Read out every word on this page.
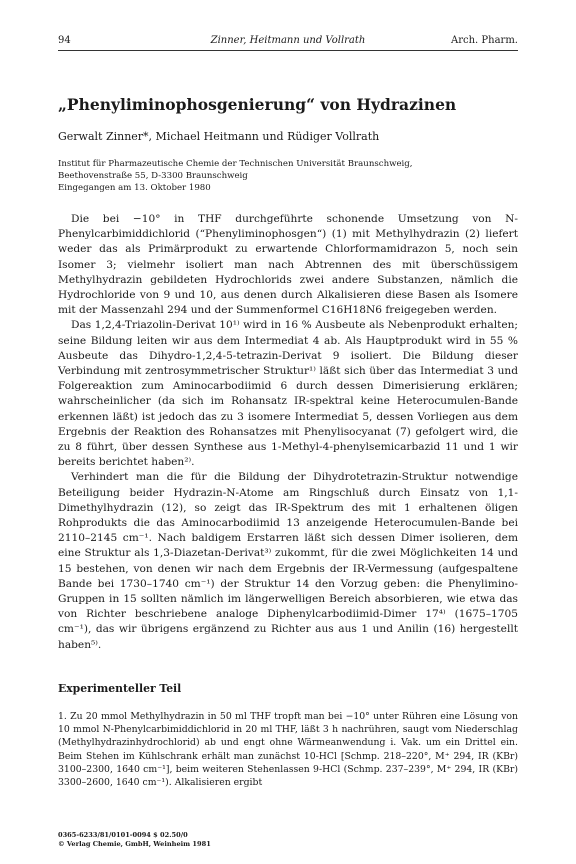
94	Zinner, Heitmann und Vollrath	Arch. Pharm.
„Phenyliminophosgenierung“ von Hydrazinen
Gerwalt Zinner*, Michael Heitmann und Rüdiger Vollrath
Institut für Pharmazeutische Chemie der Technischen Universität Braunschweig,
Beethovenstraße 55, D-3300 Braunschweig
Eingegangen am 13. Oktober 1980

Die bei −10° in THF durchgeführte schonende Umsetzung von N-Phenylcarbimiddichlorid (“Phenyliminophosgen“) (1) mit Methylhydrazin (2) liefert weder das als Primärprodukt zu erwartende Chlorformamidrazon 5, noch sein Isomer 3; vielmehr isoliert man nach Abtrennen des mit überschüssigem Methylhydrazin gebildeten Hydrochlorids zwei andere Substanzen, nämlich die Hydrochloride von 9 und 10, aus denen durch Alkalisieren diese Basen als Isomere mit der Massenzahl 294 und der Summenformel C16H18N6 freigegeben werden.

Das 1,2,4-Triazolin-Derivat 10¹⁾ wird in 16 % Ausbeute als Nebenprodukt erhalten; seine Bildung leiten wir aus dem Intermediat 4 ab. Als Hauptprodukt wird in 55 % Ausbeute das Dihydro-1,2,4-5-tetrazin-Derivat 9 isoliert. Die Bildung dieser Verbindung mit zentrosymmetrischer Struktur¹⁾ läßt sich über das Intermediat 3 und Folgereaktion zum Aminocarbodiimid 6 durch dessen Dimerisierung erklären; wahrscheinlicher (da sich im Rohansatz IR-spektral keine Heterocumulen-Bande erkennen läßt) ist jedoch das zu 3 isomere Intermediat 5, dessen Vorliegen aus dem Ergebnis der Reaktion des Rohansatzes mit Phenylisocyanat (7) gefolgert wird, die zu 8 führt, über dessen Synthese aus 1-Methyl-4-phenylsemicarbazid 11 und 1 wir bereits berichtet haben²⁾.

Verhindert man die für die Bildung der Dihydrotetrazin-Struktur notwendige Beteiligung beider Hydrazin-N-Atome am Ringschluß durch Einsatz von 1,1-Dimethylhydrazin (12), so zeigt das IR-Spektrum des mit 1 erhaltenen öligen Rohprodukts die das Aminocarbodiimid 13 anzeigende Heterocumulen-Bande bei 2110–2145 cm⁻¹. Nach baldigem Erstarren läßt sich dessen Dimer isolieren, dem eine Struktur als 1,3-Diazetan-Derivat³⁾ zukommt, für die zwei Möglichkeiten 14 und 15 bestehen, von denen wir nach dem Ergebnis der IR-Vermessung (aufgespaltene Bande bei 1730–1740 cm⁻¹) der Struktur 14 den Vorzug geben: die Phenylimino-Gruppen in 15 sollten nämlich im längerwelligen Bereich absorbieren, wie etwa das von Richter beschriebene analoge Diphenylcarbodiimid-Dimer 17⁴⁾ (1675–1705 cm⁻¹), das wir übrigens ergänzend zu Richter aus aus 1 und Anilin (16) hergestellt haben⁵⁾.

Experimenteller Teil

1. Zu 20 mmol Methylhydrazin in 50 ml THF tropft man bei −10° unter Rühren eine Lösung von 10 mmol N-Phenylcarbimiddichlorid in 20 ml THF, läßt 3 h nachrühren, saugt vom Niederschlag (Methylhydrazinhydrochlorid) ab und engt ohne Wärmeanwendung i. Vak. um ein Drittel ein. Beim Stehen im Kühlschrank erhält man zunächst 10-HCl [Schmp. 218–220°, M⁺ 294, IR (KBr) 3100–2300, 1640 cm⁻¹], beim weiteren Stehenlassen 9-HCl (Schmp. 237–239°, M⁺ 294, IR (KBr) 3300–2600, 1640 cm⁻¹). Alkalisieren ergibt

0365-6233/81/0101-0094 $ 02.50/0
© Verlag Chemie, GmbH, Weinheim 1981
